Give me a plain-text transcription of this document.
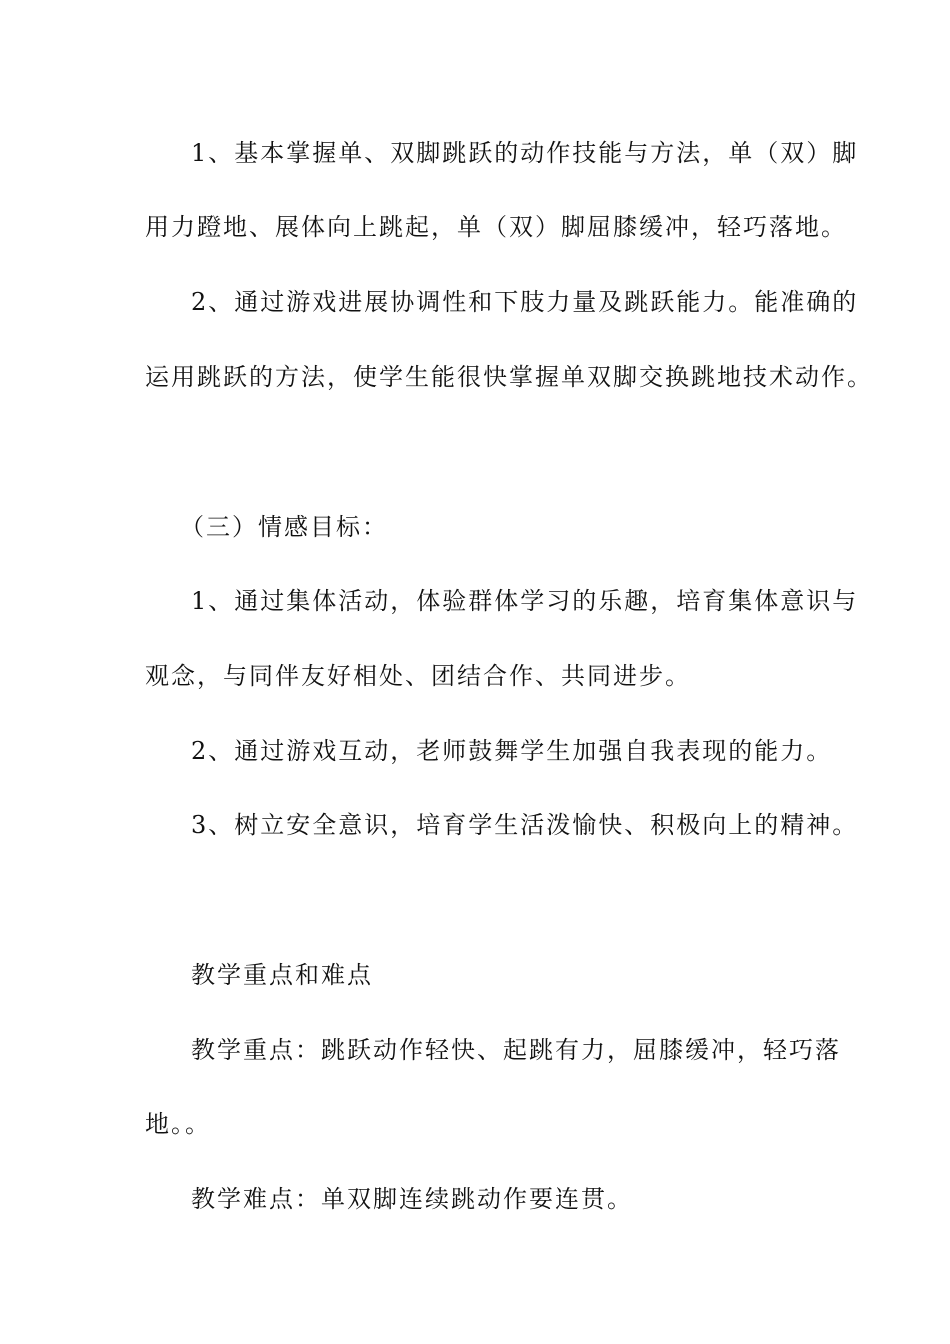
1、基本掌握单、双脚跳跃的动作技能与方法，单（双）脚

用力蹬地、展体向上跳起，单（双）脚屈膝缓冲，轻巧落地。

2、通过游戏进展协调性和下肢力量及跳跃能力。能准确的

运用跳跃的方法，使学生能很快掌握单双脚交换跳地技术动作。

（三）情感目标：

1、通过集体活动，体验群体学习的乐趣，培育集体意识与

观念，与同伴友好相处、团结合作、共同进步。

2、通过游戏互动，老师鼓舞学生加强自我表现的能力。

3、树立安全意识，培育学生活泼愉快、积极向上的精神。

教学重点和难点

教学重点：跳跃动作轻快、起跳有力，屈膝缓冲，轻巧落

地。。

教学难点：单双脚连续跳动作要连贯。
